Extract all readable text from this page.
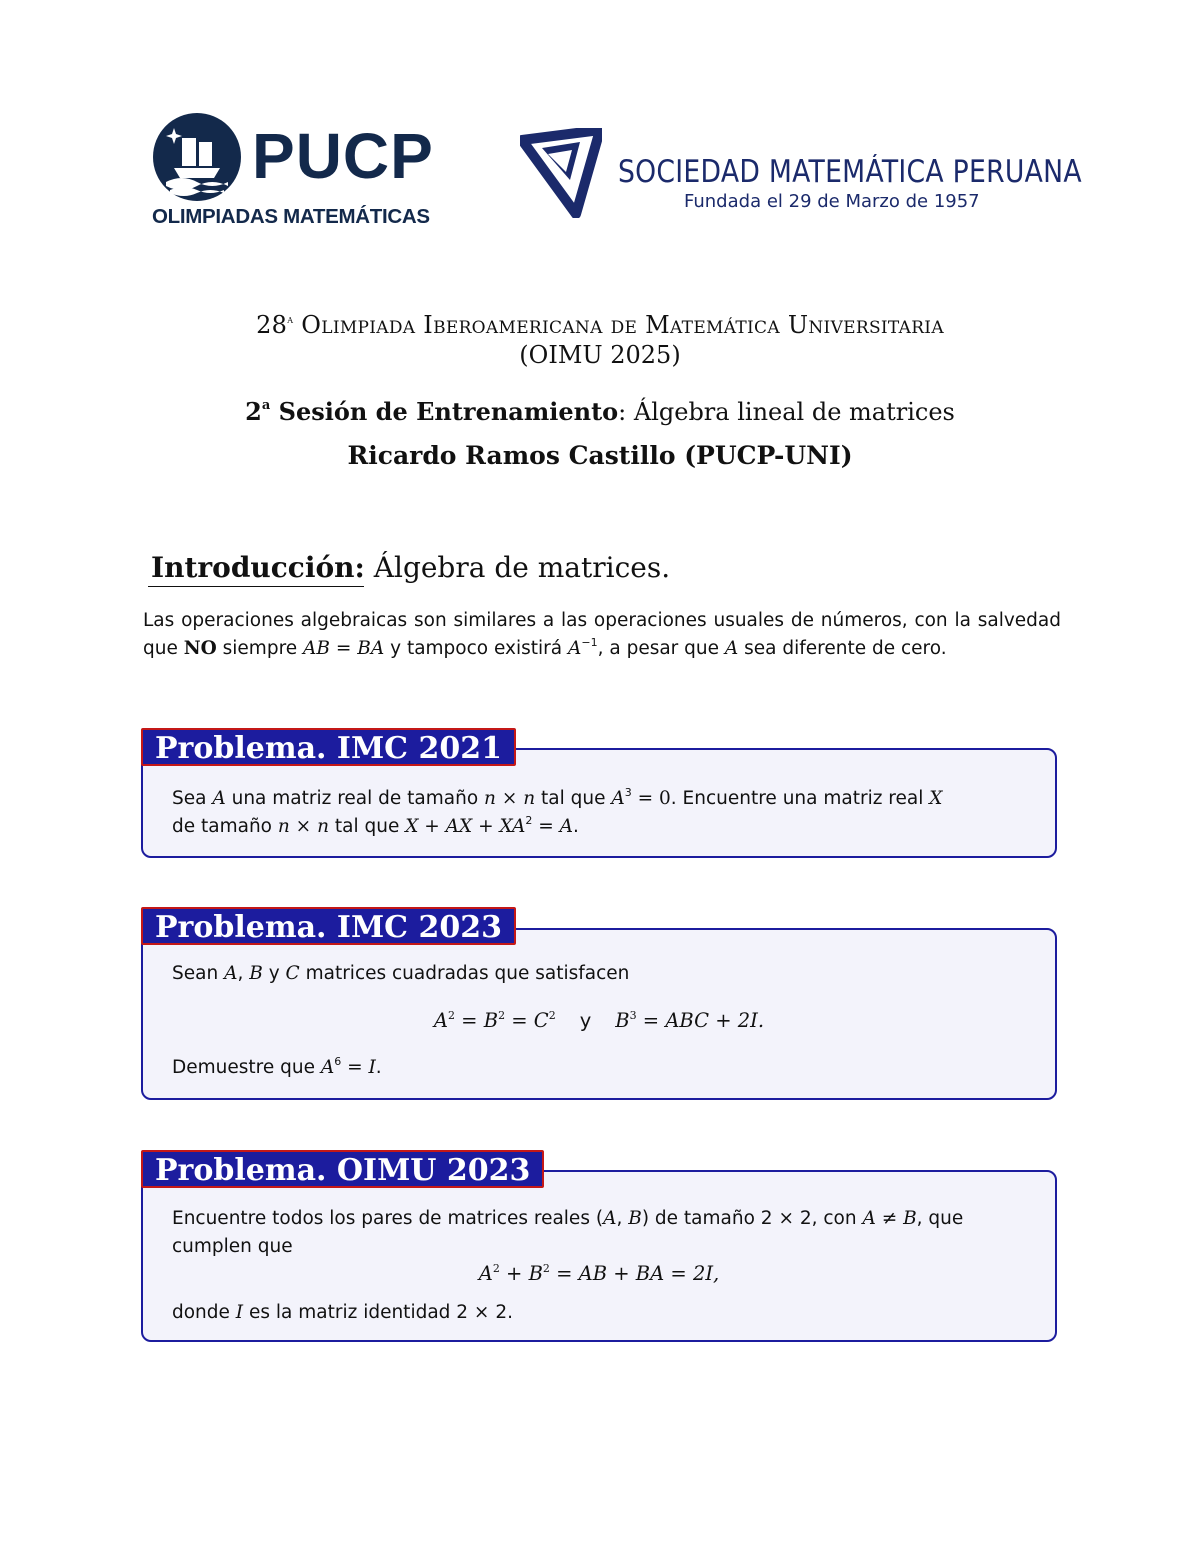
PUCP
OLIMPIADAS MATEMÁTICAS
SOCIEDAD MATEMÁTICA PERUANA
Fundada el 29 de Marzo de 1957
28$^a$ Olimpiada Iberoamericana de Matemática Universitaria
(OIMU 2025)
2$^a$ Sesión de Entrenamiento: Álgebra lineal de matrices
Ricardo Ramos Castillo (PUCP-UNI)
Introducción: Álgebra de matrices.
Las operaciones algebraicas son similares a las operaciones usuales de números, con la salvedad que NO siempre AB = BA y tampoco existirá $A^{-1}$, a pesar que A sea diferente de cero.
Problema. IMC 2021
Sea A una matriz real de tamaño n × n tal que $A^3 = 0$. Encuentre una matriz real X
de tamaño n × n tal que X + AX + $XA^2 = A$.
Problema. IMC 2023
Sean A, B y C matrices cuadradas que satisfacen
$A^2 = B^2 = C^2$ y $B^3$ = ABC + 2I.
Demuestre que $A^6 = I$.
Problema. OIMU 2023
Encuentre todos los pares de matrices reales (A, B) de tamaño 2 × 2, con A ≠ B, que cumplen que
$A^2 + B^2$ = AB + BA = 2I,
donde I es la matriz identidad 2 × 2.
